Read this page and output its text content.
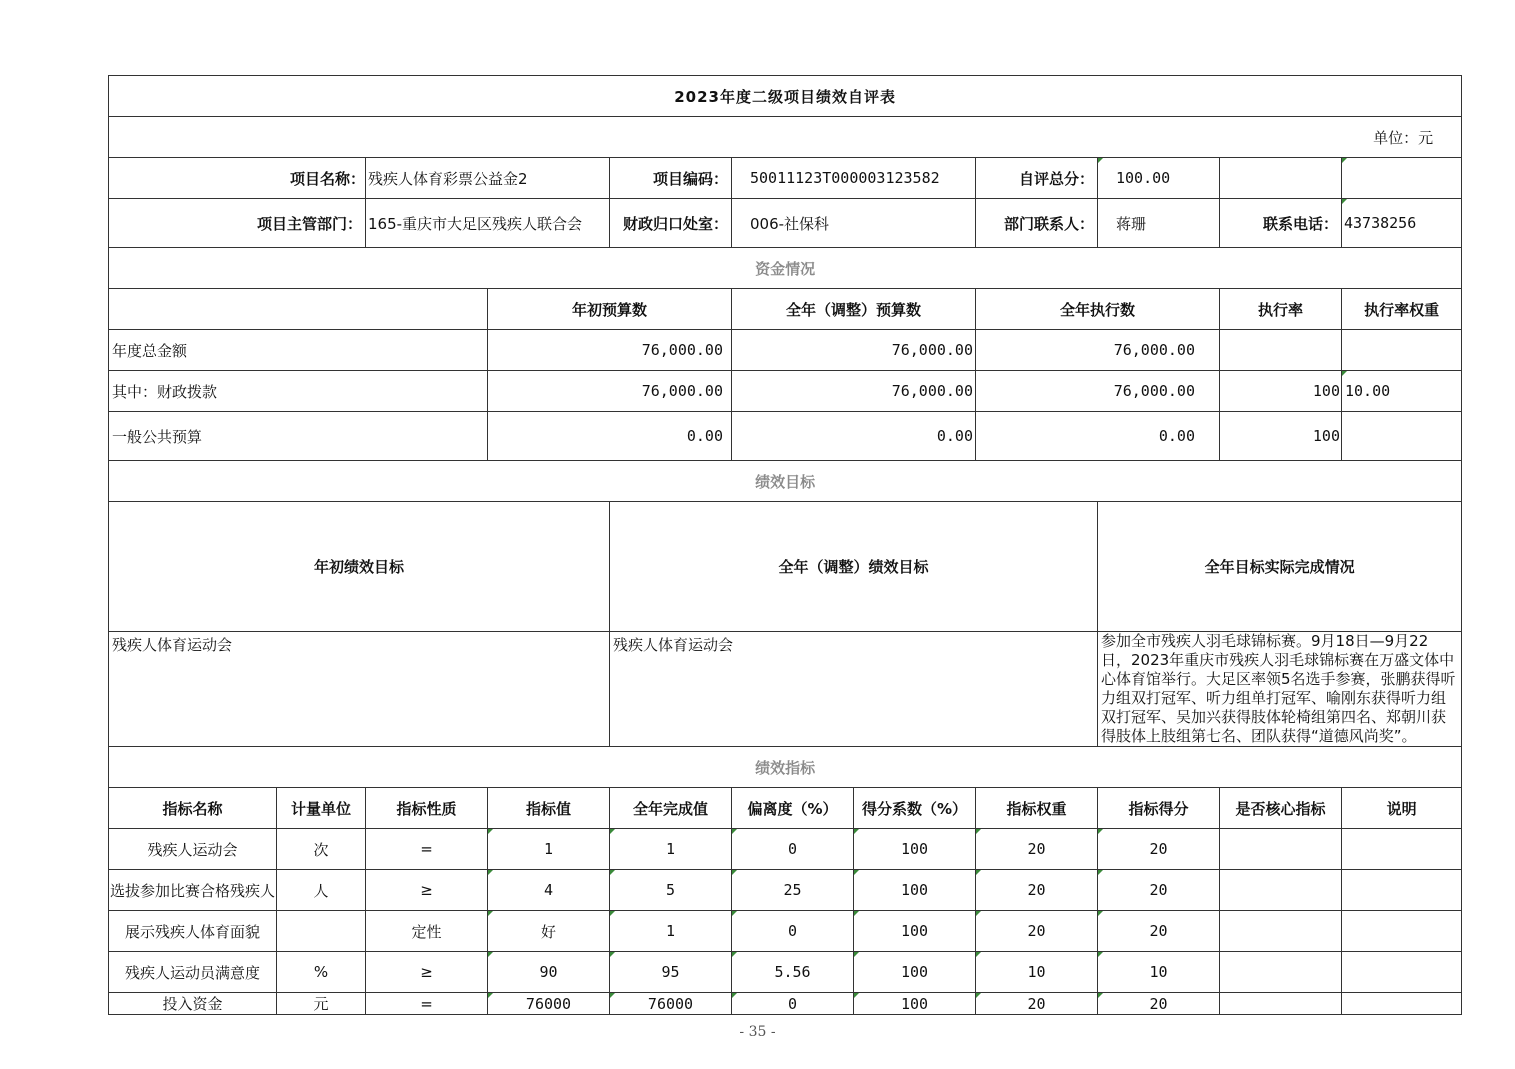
2023年度二级项目绩效自评表											
单位：元											
项目名称：		残疾人体育彩票公益金2		项目编码：	50011123T000003123582		自评总分：	100.00			
项目主管部门：		165-重庆市大足区残疾人联合会		财政归口处室：	006-社保科		部门联系人：	蒋珊	联系电话：	43738256	
资金情况											
			年初预算数		全年（调整）预算数		全年执行数		执行率	执行率权重	
年度总金额			76,000.00		76,000.00		76,000.00				
其中：财政拨款			76,000.00		76,000.00		76,000.00		100	10.00	
一般公共预算			0.00		0.00		0.00		100		
绩效目标											
年初绩效目标				全年（调整）绩效目标				全年目标实际完成情况			
残疾人体育运动会				残疾人体育运动会				参加全市残疾人羽毛球锦标赛。9月18日—9月22日，2023年重庆市残疾人羽毛球锦标赛在万盛文体中心体育馆举行。大足区率领5名选手参赛，张鹏获得听力组双打冠军、听力组单打冠军、喻刚东获得听力组双打冠军、吴加兴获得肢体轮椅组第四名、郑朝川获得肢体上肢组第七名、团队获得“道德风尚奖”。			
绩效指标											
指标名称	计量单位	指标性质	指标值	全年完成值	偏离度（%）	得分系数（%）	指标权重	指标得分	是否核心指标	说明	
残疾人运动会	次	=	1	1	0	100	20	20			
选拔参加比赛合格残疾人	人	≥	4	5	25	100	20	20			
展示残疾人体育面貌		定性	好	1	0	100	20	20			
残疾人运动员满意度	%	≥	90	95	5.56	100	10	10			
投入资金	元	=	76000	76000	0	100	20	20			
- 35 -
